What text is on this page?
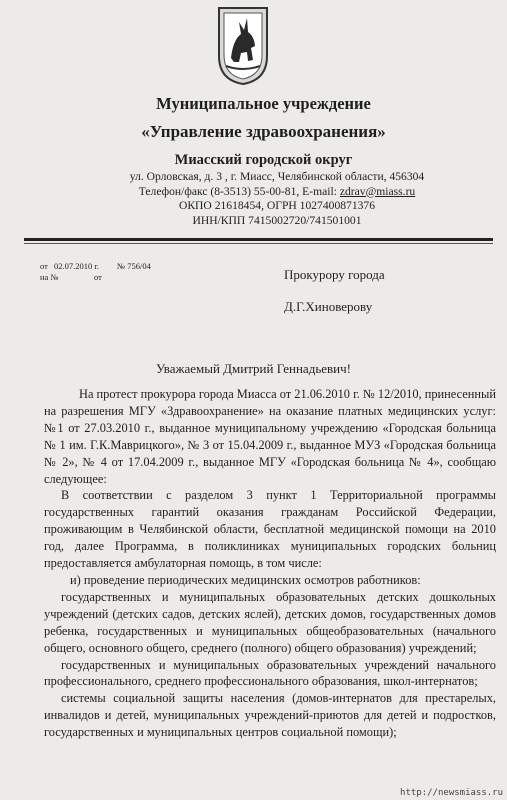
Муниципальное учреждение

«Управление здравоохранения»

Миасский городской округ

ул. Орловская, д. 3 , г. Миасс, Челябинской области, 456304
Телефон/факс (8-3513) 55-00-81, E-mail: zdrav@miass.ru
ОКПО 21618454, ОГРН 1027400871376
ИНН/КПП 7415002720/741501001
от 02.07.2010 г. № 756/04
на №	от	Прокурору города
Д.Г.Хиноверову
Уважаемый Дмитрий Геннадьевич!

На протест прокурора города Миасса от 21.06.2010 г. № 12/2010, принесенный на разрешения МГУ «Здравоохранение» на оказание платных медицинских услуг: №1 от 27.03.2010 г., выданное муниципальному учреждению «Городская больница № 1 им. Г.К.Маврицкого», № 3 от 15.04.2009 г., выданное МУЗ «Городская больница № 2», № 4 от 17.04.2009 г., выданное МГУ «Городская больница № 4», сообщаю следующее:

В соответствии с разделом 3 пункт 1 Территориальной программы государственных гарантий оказания гражданам Российской Федерации, проживающим в Челябинской области, бесплатной медицинской помощи на 2010 год, далее Программа, в поликлиниках муниципальных городских больниц предоставляется амбулаторная помощь, в том числе:

и) проведение периодических медицинских осмотров работников:

государственных и муниципальных образовательных детских дошкольных учреждений (детских садов, детских яслей), детских домов, государственных домов ребенка, государственных и муниципальных общеобразовательных (начального общего, основного общего, среднего (полного) общего образования) учреждений;

государственных и муниципальных образовательных учреждений начального профессионального, среднего профессионального образования, школ-интернатов;

системы социальной защиты населения (домов-интернатов для престарелых, инвалидов и детей, муниципальных учреждений-приютов для детей и подростков, государственных и муниципальных центров социальной помощи);

http://newsmiass.ru
